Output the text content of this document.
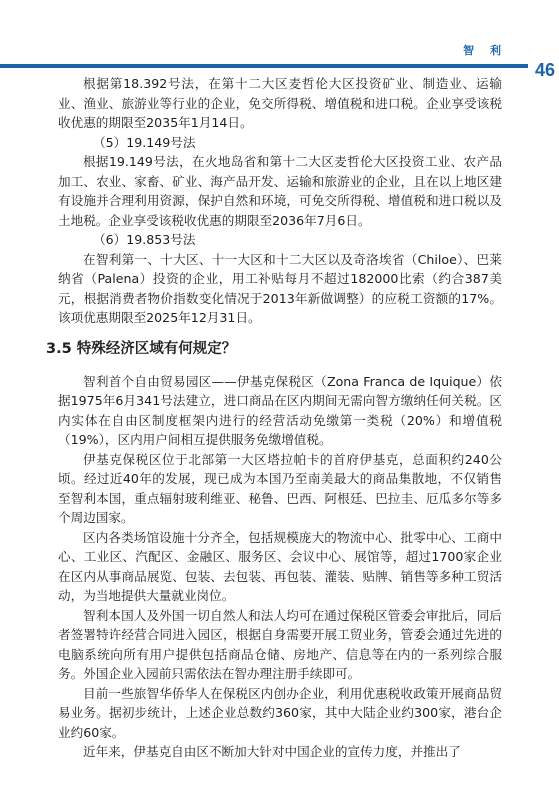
智 利
46

根据第18.392号法，在第十二大区麦哲伦大区投资矿业、制造业、运输业、渔业、旅游业等行业的企业，免交所得税、增值税和进口税。企业享受该税收优惠的期限至2035年1月14日。

（5）19.149号法

根据19.149号法，在火地岛省和第十二大区麦哲伦大区投资工业、农产品加工、农业、家畜、矿业、海产品开发、运输和旅游业的企业，且在以上地区建有设施并合理利用资源，保护自然和环境，可免交所得税、增值税和进口税以及土地税。企业享受该税收优惠的期限至2036年7月6日。

（6）19.853号法

在智利第一、十大区、十一大区和十二大区以及奇洛埃省（Chiloe）、巴莱纳省（Palena）投资的企业，用工补贴每月不超过182000比索（约合387美元，根据消费者物价指数变化情况于2013年新做调整）的应税工资额的17%。该项优惠期限至2025年12月31日。

3.5 特殊经济区域有何规定？

智利首个自由贸易园区——伊基克保税区（Zona Franca de Iquique）依据1975年6月341号法建立，进口商品在区内期间无需向智方缴纳任何关税。区内实体在自由区制度框架内进行的经营活动免缴第一类税（20%）和增值税（19%），区内用户间相互提供服务免缴增值税。

伊基克保税区位于北部第一大区塔拉帕卡的首府伊基克，总面积约240公顷。经过近40年的发展，现已成为本国乃至南美最大的商品集散地，不仅销售至智利本国，重点辐射玻利维亚、秘鲁、巴西、阿根廷、巴拉圭、厄瓜多尔等多个周边国家。

区内各类场馆设施十分齐全，包括规模庞大的物流中心、批零中心、工商中心、工业区、汽配区、金融区、服务区、会议中心、展馆等，超过1700家企业在区内从事商品展览、包装、去包装、再包装、灌装、贴牌、销售等多种工贸活动，为当地提供大量就业岗位。

智利本国人及外国一切自然人和法人均可在通过保税区管委会审批后，同后者签署特许经营合同进入园区，根据自身需要开展工贸业务，管委会通过先进的电脑系统向所有用户提供包括商品仓储、房地产、信息等在内的一系列综合服务。外国企业入园前只需依法在智办理注册手续即可。

目前一些旅智华侨华人在保税区内创办企业，利用优惠税收政策开展商品贸易业务。据初步统计，上述企业总数约360家，其中大陆企业约300家，港台企业约60家。

近年来，伊基克自由区不断加大针对中国企业的宣传力度，并推出了
